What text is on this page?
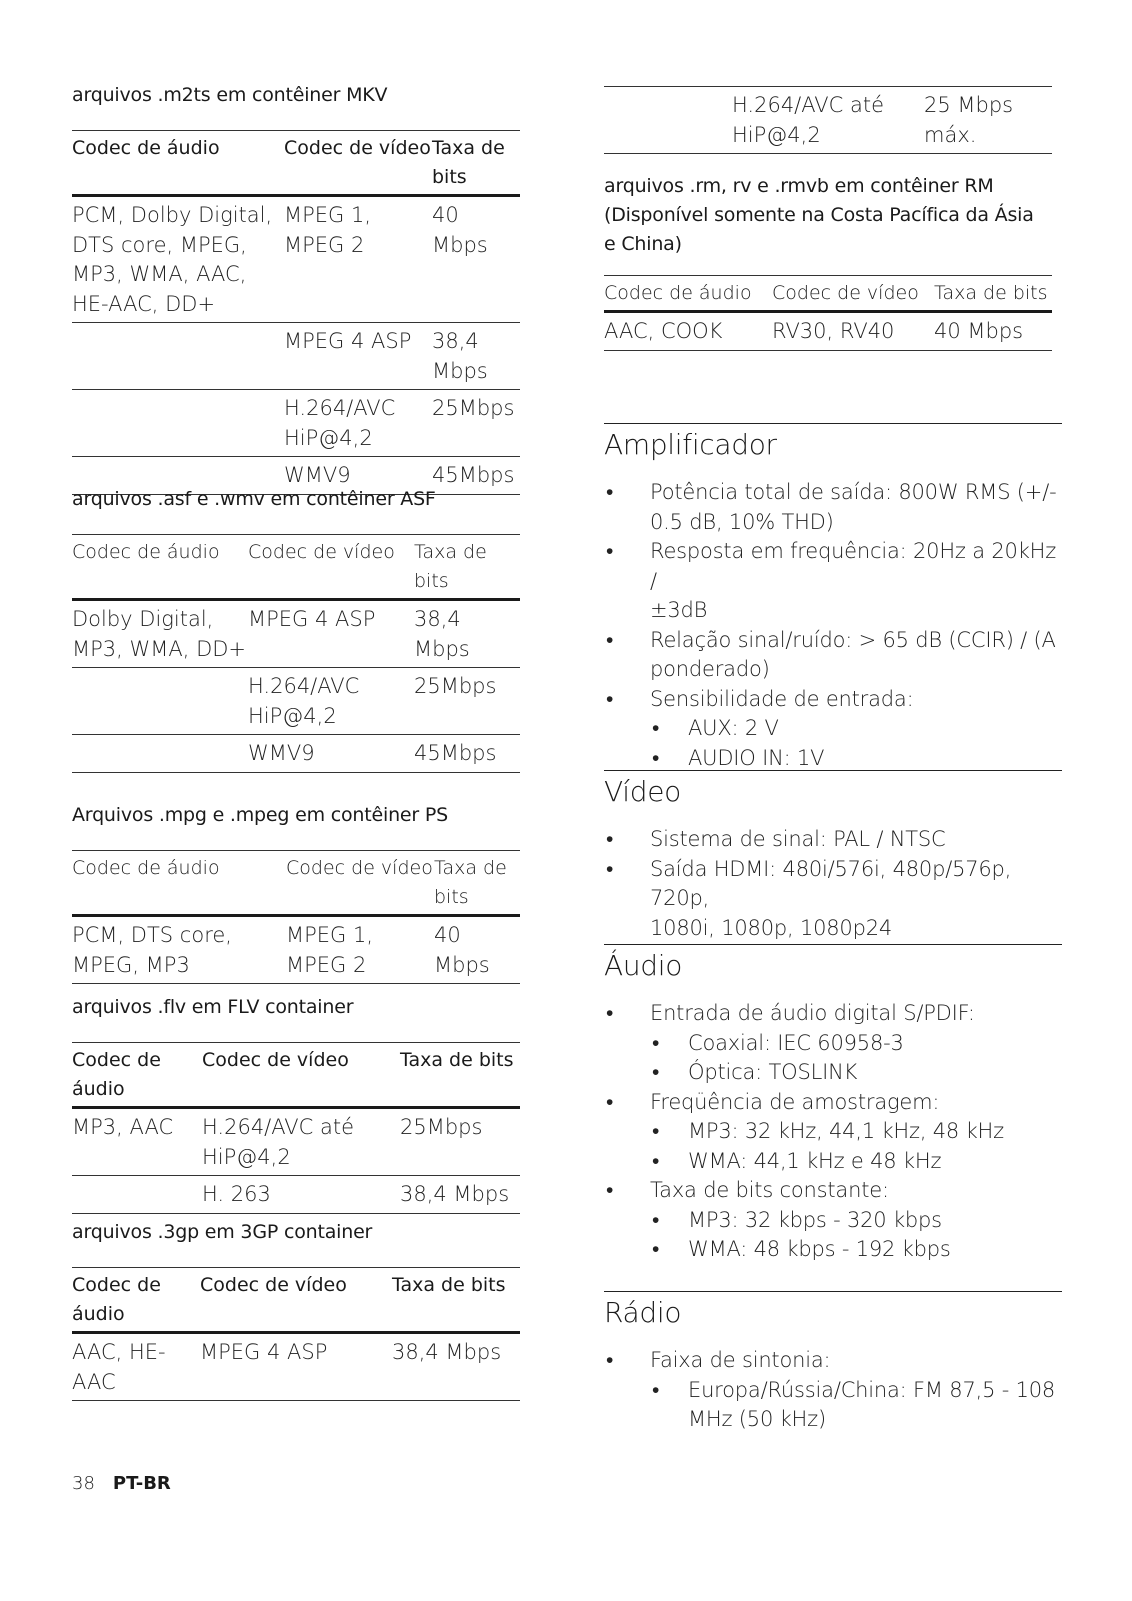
arquivos .m2ts em contêiner MKV
Codec de áudio	Codec de vídeo	Taxa de bits
PCM, Dolby Digital, DTS core, MPEG, MP3, WMA, AAC, HE-AAC, DD+	MPEG 1, MPEG 2	40 Mbps
	MPEG 4 ASP	38,4 Mbps
	H.264/AVC HiP@4,2	25Mbps
	WMV9	45Mbps
arquivos .asf e .wmv em contêiner ASF
Codec de áudio	Codec de vídeo	Taxa de bits
Dolby Digital, MP3, WMA, DD+	MPEG 4 ASP	38,4 Mbps
	H.264/AVC HiP@4,2	25Mbps
	WMV9	45Mbps
Arquivos .mpg e .mpeg em contêiner PS
Codec de áudio	Codec de vídeo	Taxa de bits
PCM, DTS core, MPEG, MP3	MPEG 1, MPEG 2	40 Mbps
arquivos .flv em FLV container
Codec de áudio	Codec de vídeo	Taxa de bits
MP3, AAC	H.264/AVC até HiP@4,2	25Mbps
	H. 263	38,4 Mbps
arquivos .3gp em 3GP container
Codec de áudio	Codec de vídeo	Taxa de bits
AAC, HE-AAC	MPEG 4 ASP	38,4 Mbps
	H.264/AVC até HiP@4,2	25 Mbps máx.
arquivos .rm, rv e .rmvb em contêiner RM
(Disponível somente na Costa Pacífica da Ásia
e China)
Codec de áudio	Codec de vídeo	Taxa de bits
AAC, COOK	RV30, RV40	40 Mbps
Amplificador
• Potência total de saída: 800W RMS (+/-
0.5 dB, 10% THD)
• Resposta em frequência: 20Hz a 20kHz /
±3dB
• Relação sinal/ruído: > 65 dB (CCIR) / (A
ponderado)
• Sensibilidade de entrada:
• AUX: 2 V
• AUDIO IN: 1V
Vídeo
• Sistema de sinal: PAL / NTSC
• Saída HDMI: 480i/576i, 480p/576p, 720p,
1080i, 1080p, 1080p24
Áudio
• Entrada de áudio digital S/PDIF:
• Coaxial: IEC 60958-3
• Óptica: TOSLINK
• Freqüência de amostragem:
• MP3: 32 kHz, 44,1 kHz, 48 kHz
• WMA: 44,1 kHz e 48 kHz
• Taxa de bits constante:
• MP3: 32 kbps - 320 kbps
• WMA: 48 kbps - 192 kbps
Rádio
• Faixa de sintonia:
• Europa/Rússia/China: FM 87,5 - 108
MHz (50 kHz)
38 PT-BR
